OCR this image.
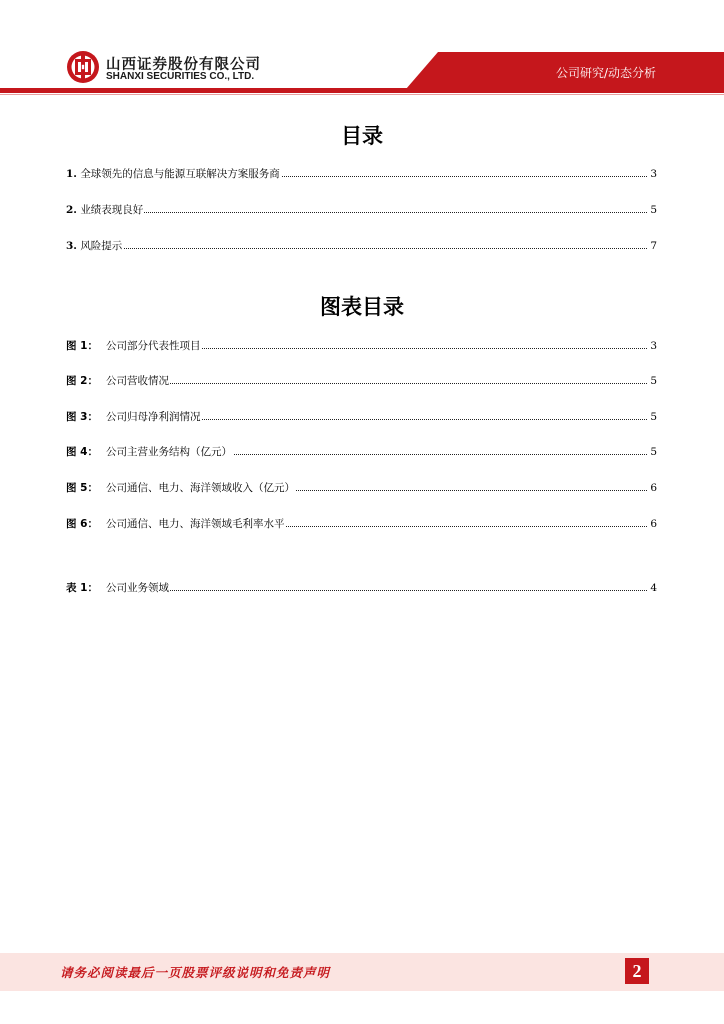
山西证券股份有限公司
SHANXI SECURITIES CO., LTD.	公司研究/动态分析
目录
1. 全球领先的信息与能源互联解决方案服务商	3
2. 业绩表现良好	5
3. 风险提示	7
图表目录
图 1： 公司部分代表性项目	3
图 2： 公司营收情况	5
图 3： 公司归母净利润情况	5
图 4： 公司主营业务结构（亿元）	5
图 5： 公司通信、电力、海洋领域收入（亿元）	6
图 6： 公司通信、电力、海洋领域毛利率水平	6
表 1： 公司业务领域	4
请务必阅读最后一页股票评级说明和免责声明	2
